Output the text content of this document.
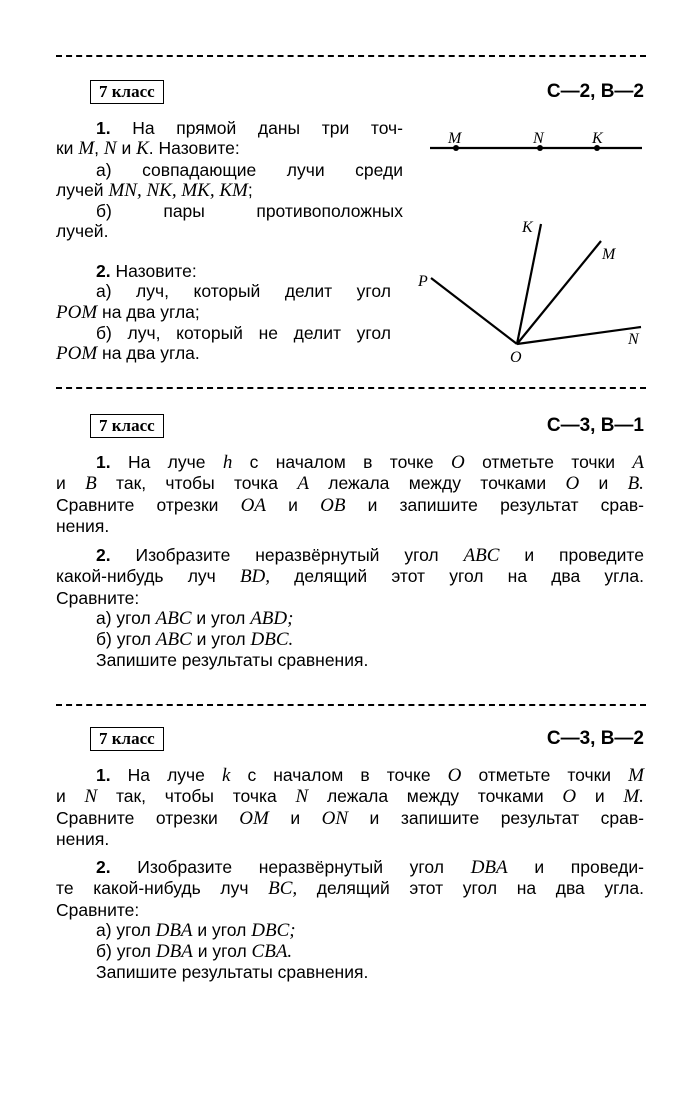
7 класс	С—2, В—2
1. На прямой даны три точ-
ки M, N и K. Назовите:
а) совпадающие лучи среди
лучей MN, NK, MK, KM;
б) пары противоположных
лучей.
2. Назовите:
а) луч, который делит угол
POM на два угла;
б) луч, который не делит угол
POM на два угла.
M	N	K
P
K
M
N
O
7 класс	С—3, В—1
1. На луче h с началом в точке O отметьте точки A
и B так, чтобы точка A лежала между точками O и B.
Сравните отрезки OA и OB и запишите результат срав-
нения.
2. Изобразите неразвёрнутый угол ABC и проведите
какой-нибудь луч BD, делящий этот угол на два угла.
Сравните:
а) угол ABC и угол ABD;
б) угол ABC и угол DBC.
Запишите результаты сравнения.
7 класс	С—3, В—2
1. На луче k с началом в точке O отметьте точки M
и N так, чтобы точка N лежала между точками O и M.
Сравните отрезки OM и ON и запишите результат срав-
нения.
2. Изобразите неразвёрнутый угол DBA и проведи-
те какой-нибудь луч BC, делящий этот угол на два угла.
Сравните:
а) угол DBA и угол DBC;
б) угол DBA и угол CBA.
Запишите результаты сравнения.
